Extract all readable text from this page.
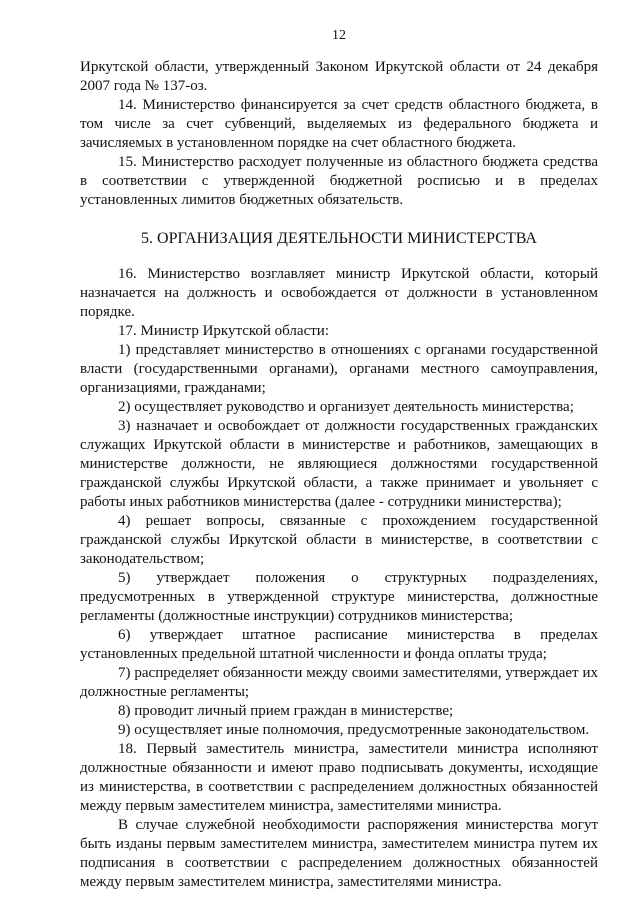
12

Иркутской области, утвержденный Законом Иркутской области от 24 декабря 2007 года № 137-оз.

14. Министерство финансируется за счет средств областного бюджета, в том числе за счет субвенций, выделяемых из федерального бюджета и зачисляемых в установленном порядке на счет областного бюджета.

15. Министерство расходует полученные из областного бюджета средства в соответствии с утвержденной бюджетной росписью и в пределах установленных лимитов бюджетных обязательств.

5. ОРГАНИЗАЦИЯ ДЕЯТЕЛЬНОСТИ МИНИСТЕРСТВА

16. Министерство возглавляет министр Иркутской области, который назначается на должность и освобождается от должности в установленном порядке.

17. Министр Иркутской области:

1) представляет министерство в отношениях с органами государственной власти (государственными органами), органами местного самоуправления, организациями, гражданами;

2) осуществляет руководство и организует деятельность министерства;

3) назначает и освобождает от должности государственных гражданских служащих Иркутской области в министерстве и работников, замещающих в министерстве должности, не являющиеся должностями государственной гражданской службы Иркутской области, а также принимает и увольняет с работы иных работников министерства (далее - сотрудники министерства);

4) решает вопросы, связанные с прохождением государственной гражданской службы Иркутской области в министерстве, в соответствии с законодательством;

5) утверждает положения о структурных подразделениях, предусмотренных в утвержденной структуре министерства, должностные регламенты (должностные инструкции) сотрудников министерства;

6) утверждает штатное расписание министерства в пределах установленных предельной штатной численности и фонда оплаты труда;

7) распределяет обязанности между своими заместителями, утверждает их должностные регламенты;

8) проводит личный прием граждан в министерстве;

9) осуществляет иные полномочия, предусмотренные законодательством.

18. Первый заместитель министра, заместители министра исполняют должностные обязанности и имеют право подписывать документы, исходящие из министерства, в соответствии с распределением должностных обязанностей между первым заместителем министра, заместителями министра.

В случае служебной необходимости распоряжения министерства могут быть изданы первым заместителем министра, заместителем министра путем их подписания в соответствии с распределением должностных обязанностей между первым заместителем министра, заместителями министра.
